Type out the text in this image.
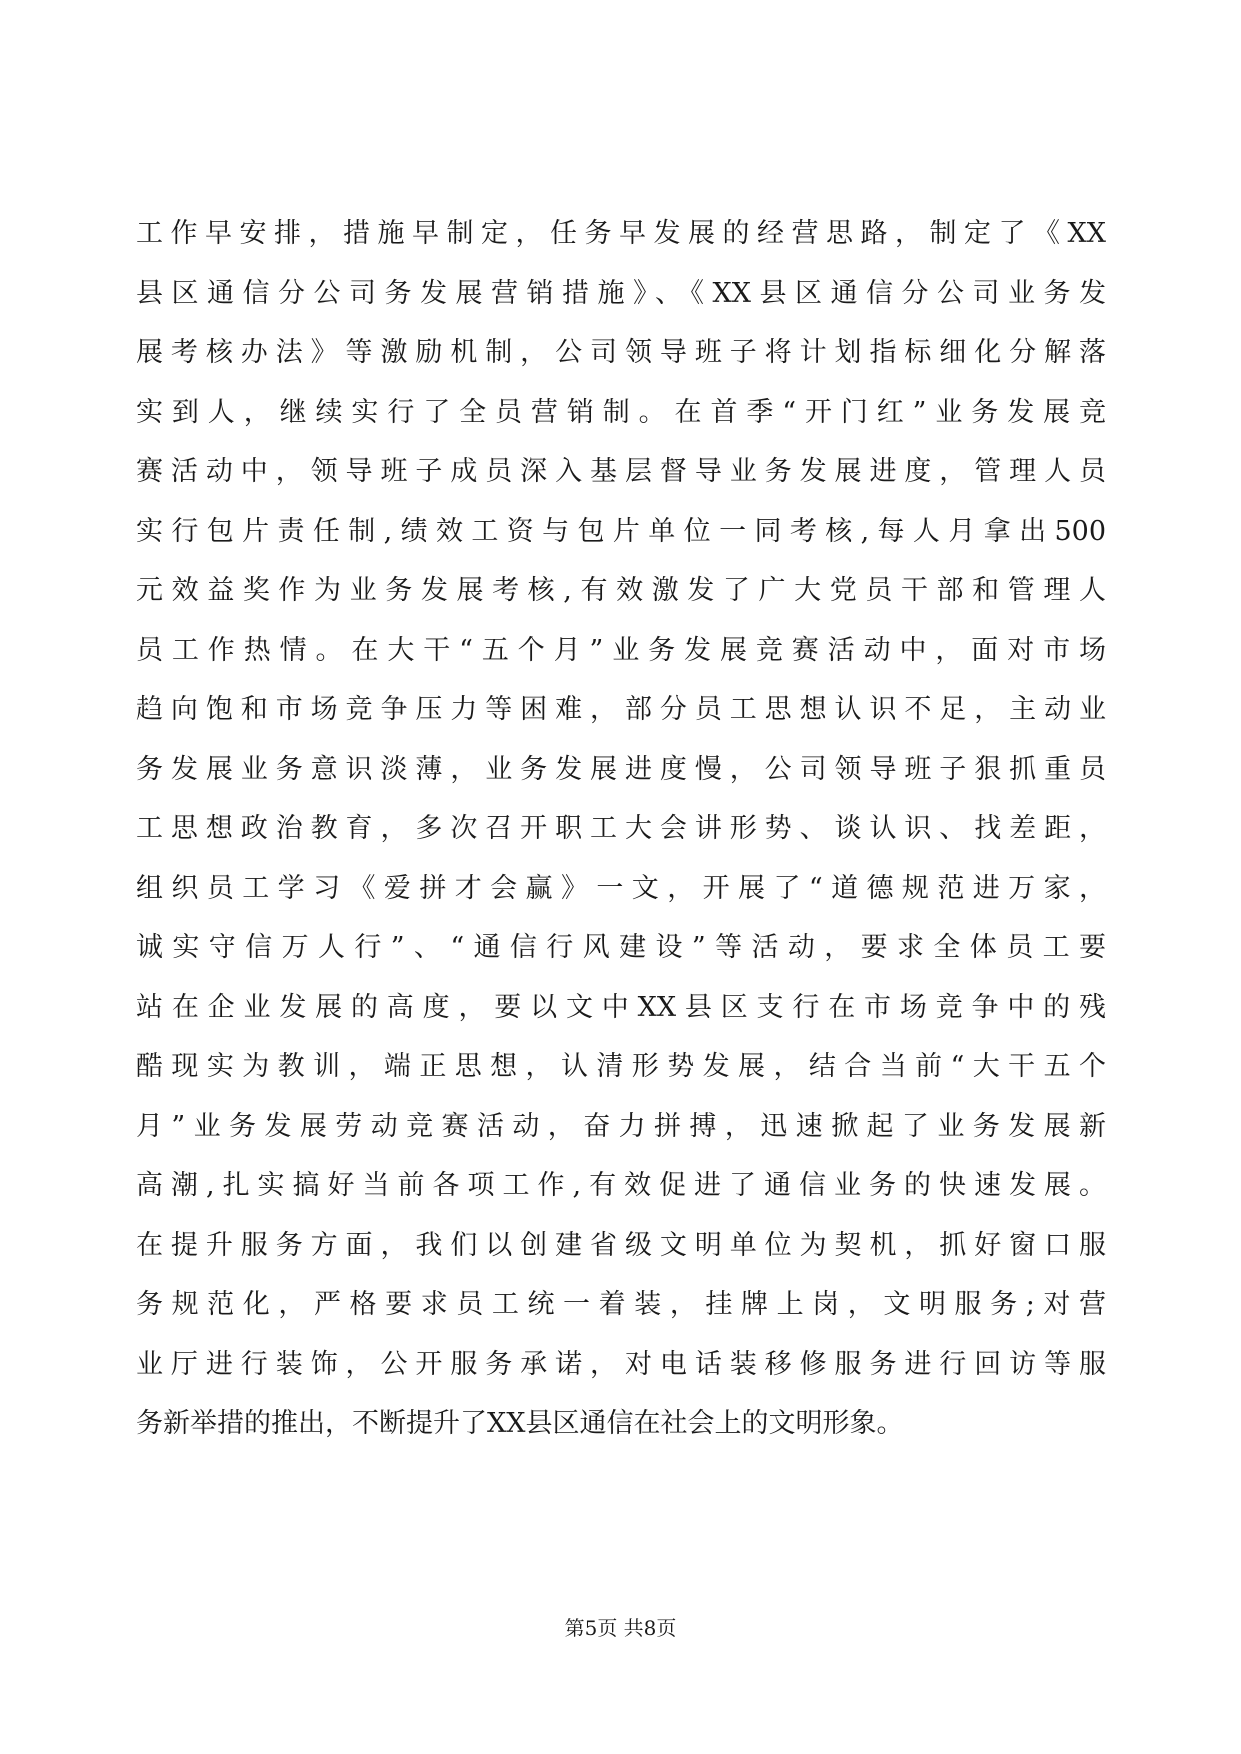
工作早安排，措施早制定，任务早发展的经营思路，制定了《XX
县区通信分公司务发展营销措施》、《XX县区通信分公司业务发
展考核办法》等激励机制，公司领导班子将计划指标细化分解落
实到人，继续实行了全员营销制。在首季“开门红”业务发展竞
赛活动中，领导班子成员深入基层督导业务发展进度，管理人员
实行包片责任制,绩效工资与包片单位一同考核,每人月拿出500
元效益奖作为业务发展考核,有效激发了广大党员干部和管理人
员工作热情。在大干“五个月”业务发展竞赛活动中，面对市场
趋向饱和市场竞争压力等困难，部分员工思想认识不足，主动业
务发展业务意识淡薄，业务发展进度慢，公司领导班子狠抓重员
工思想政治教育，多次召开职工大会讲形势、谈认识、找差距，
组织员工学习《爱拼才会赢》一文，开展了“道德规范进万家，
诚实守信万人行”、“通信行风建设”等活动，要求全体员工要
站在企业发展的高度，要以文中XX县区支行在市场竞争中的残
酷现实为教训，端正思想，认清形势发展，结合当前“大干五个
月”业务发展劳动竞赛活动，奋力拼搏，迅速掀起了业务发展新
高潮,扎实搞好当前各项工作,有效促进了通信业务的快速发展。
在提升服务方面，我们以创建省级文明单位为契机，抓好窗口服
务规范化，严格要求员工统一着装，挂牌上岗，文明服务;对营
业厅进行装饰，公开服务承诺，对电话装移修服务进行回访等服
务新举措的推出，不断提升了XX县区通信在社会上的文明形象。
第5页 共8页
